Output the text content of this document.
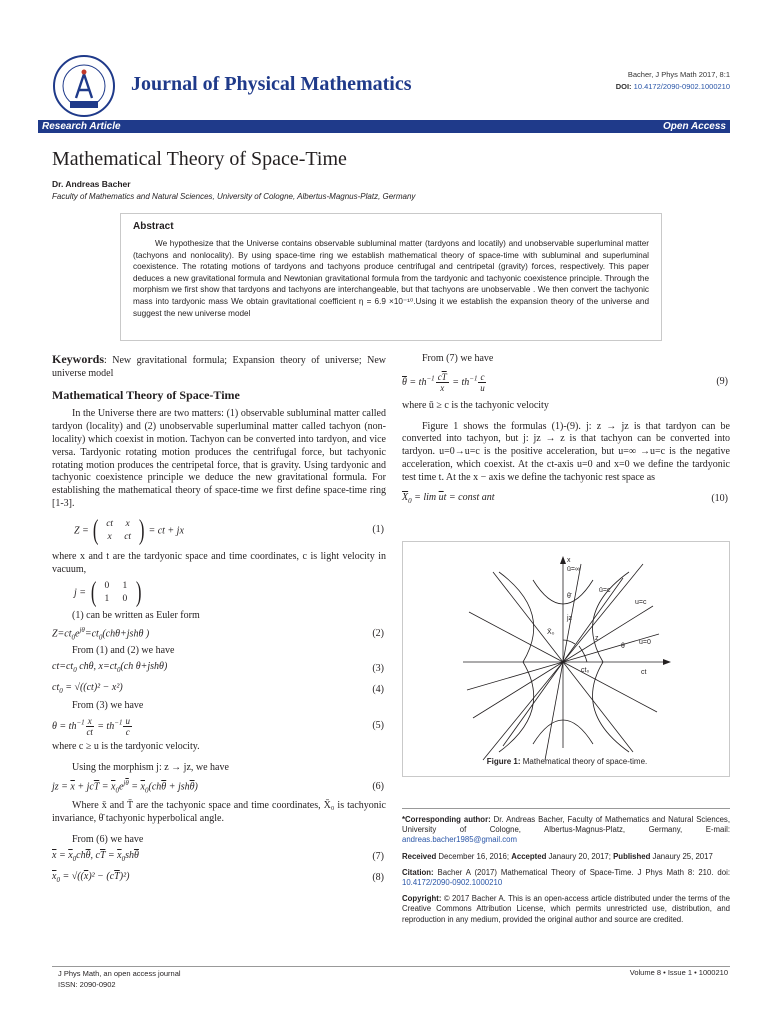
Journal of Physical Mathematics	Bacher, J Phys Math 2017, 8:1
DOI: 10.4172/2090-0902.1000210
Research Article	Open Access
Mathematical Theory of Space-Time
Dr. Andreas Bacher
Faculty of Mathematics and Natural Sciences, University of Cologne, Albertus-Magnus-Platz, Germany
Abstract

We hypothesize that the Universe contains observable subluminal matter (tardyons and locatily) and unobservable superluminal matter (tachyons and nonlocality). By using space-time ring we establish mathematical theory of space-time with subluminal and superluminal coexistence. The rotating motions of tardyons and tachyons produce centrifugal and centripetal (gravity) forces, respectively. This paper deduces a new gravitational formula and Newtonian gravitational formula from the tardyonic and tachyonic coexistence principle. Through the morphism we first show that tardyons and tachyons are interchangeable, but that tachyons are unobservable . We then convert the tachyonic mass into tardyonic mass We obtain gravitational coefficient η = 6.9 ×10⁻¹⁰.Using it we establish the expansion theory of the universe and suggest the new universe model

Keywords: New gravitational formula; Expansion theory of universe; New universe model

Mathematical Theory of Space-Time

In the Universe there are two matters: (1) observable subluminal matter called tardyon (locality) and (2) unobservable superluminal matter called tachyon (non-locality) which coexist in motion. Tachyon can be converted into tardyon, and vice versa. Tardyonic rotating motion produces the centrifugal force, but tachyonic rotating motion produces the centripetal force, that is gravity. Using tardyonic and tachyonic coexistence principle we deduce the new gravitational formula. For establishing the mathematical theory of space-time we first define space-time ring [1-3].

Z = ( ct	x
x	ct ) = ct + jx	(1)

where x and t are the tardyonic space and time coordinates, c is light velocity in vacuum,

j = ( 0	1
1	0 )

(1) can be written as Euler form

$Z=ct_0e^{j\theta}=ct_0(ch\theta+jsh\theta$ )	(2)

From (1) and (2) we have

$ct=ct_0$ chθ, $x=ct_0(ch$ θ+jshθ)	(3)
$ct_0 = √((ct)^2 - x^2)$	(4)

From (3) we have

$\theta = th^{-1} \frac{x}{ct} = th^{-1} \frac{u}{c}$	(5)

where c ≥ u is the tardyonic velocity.

Using the morphism j: z → jz, we have

jz = $\overline{x} + jc\overline{T} = \overline{x}_0e^{j\overline{\theta}} = \overline{x}_0(ch\overline{\theta} + jsh\overline{\theta})$	(6)

Where x̄ and T̄ are the tachyonic space and time coordinates, X̄₀ is tachyonic invariance, θ̄ tachyonic hyperbolical angle.

From (6) we have

$\overline{x} = \overline{x}_0ch\overline{\theta}$, $c\overline{T} = \overline{x}_0sh\overline{\theta}$	(7)
$\overline{x}_0 = √((\overline{x})^2 - (c\overline{T})^2)$	(8)

From (7) we have

$\overline{\theta} = th^{-1} \frac{c\overline{T}}{x} = th^{-1} \frac{c}{u}$	(9)

where ū ≥ c is the tachyonic velocity

Figure 1 shows the formulas (1)-(9). j: z → jz is that tardyon can be converted into tachyon, but j: jz → z is that tachyon can be converted into tardyon. u=0→u=c is the positive acceleration, but u=∞ →u=c is the negative acceleration, which coexist. At the ct-axis u=0 and x=0 we define the tardyonic test time t. At the x − axis we define the tachyonic rest space as

$\overline{X}_0 = \lim \overline{u}t$ = const ant	(10)
x
ū=∞
θ̄
ū=c
u=c
X̄₀
jz
z
θ
u=0
ct₀	ct
Figure 1: Mathematical theory of space-time.

*Corresponding author: Dr. Andreas Bacher, Faculty of Mathematics and Natural Sciences, University of Cologne, Albertus-Magnus-Platz, Germany, E-mail: andreas.bacher1985@gmail.com

Received December 16, 2016; Accepted Janaury 20, 2017; Published Janaury 25, 2017

Citation: Bacher A (2017) Mathematical Theory of Space-Time. J Phys Math 8: 210. doi: 10.4172/2090-0902.1000210

Copyright: © 2017 Bacher A. This is an open-access article distributed under the terms of the Creative Commons Attribution License, which permits unrestricted use, distribution, and reproduction in any medium, provided the original author and source are credited.

J Phys Math, an open access journal
ISSN: 2090-0902
Volume 8 • Issue 1 • 1000210
